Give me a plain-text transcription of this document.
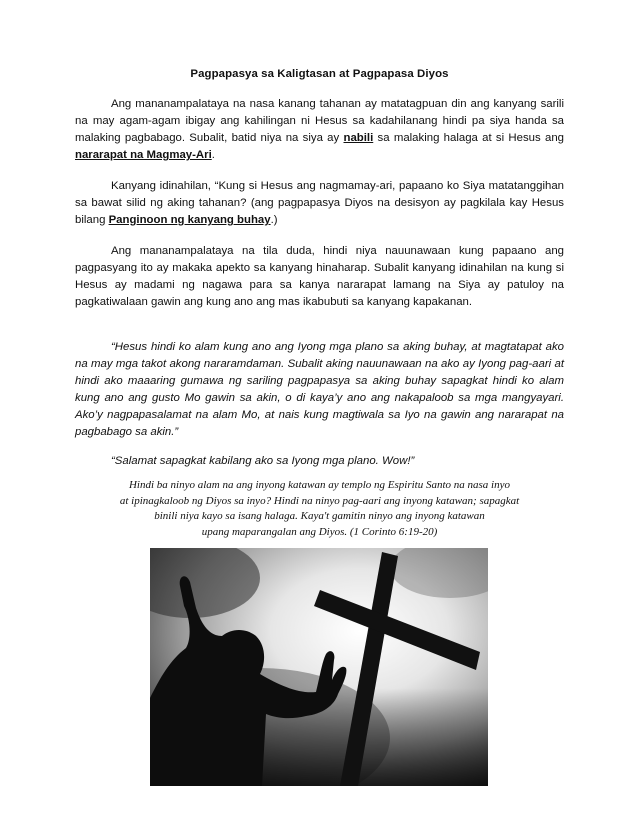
Pagpapasya sa Kaligtasan at Pagpapasa Diyos

Ang mananampalataya na nasa kanang tahanan ay matatagpuan din ang kanyang sarili na may agam-agam ibigay ang kahilingan ni Hesus sa kadahilanang hindi pa siya handa sa malaking pagbabago. Subalit, batid niya na siya ay nabili sa malaking halaga at si Hesus ang nararapat na Magmay-Ari.

Kanyang idinahilan, “Kung si Hesus ang nagmamay-ari, papaano ko Siya matatanggihan sa bawat silid ng aking tahanan? (ang pagpapasya Diyos na desisyon ay pagkilala kay Hesus bilang Panginoon ng kanyang buhay.)

Ang mananampalataya na tila duda, hindi niya nauunawaan kung papaano ang pagpasyang ito ay makaka apekto sa kanyang hinaharap. Subalit kanyang idinahilan na kung si Hesus ay madami ng nagawa para sa kanya nararapat lamang na Siya ay patuloy na pagkatiwalaan gawin ang kung ano ang mas ikabubuti sa kanyang kapakanan.

“Hesus hindi ko alam kung ano ang Iyong mga plano sa aking buhay, at magtatapat ako na may mga takot akong nararamdaman. Subalit aking nauunawaan na ako ay Iyong pag-aari at hindi ako maaaring gumawa ng sariling pagpapasya sa aking buhay sapagkat hindi ko alam kung ano ang gusto Mo gawin sa akin, o di kaya’y ano ang nakapaloob sa mga mangyayari. Ako’y nagpapasalamat na alam Mo, at nais kung magtiwala sa Iyo na gawin ang nararapat na pagbabago sa akin.”

“Salamat sapagkat kabilang ako sa Iyong mga plano. Wow!”

Hindi ba ninyo alam na ang inyong katawan ay templo ng Espiritu Santo na nasa inyo

at ipinagkaloob ng Diyos sa inyo? Hindi na ninyo pag-aari ang inyong katawan; sapagkat

binili niya kayo sa isang halaga. Kaya't gamitin ninyo ang inyong katawan

upang maparangalan ang Diyos. (1 Corinto 6:19-20)
